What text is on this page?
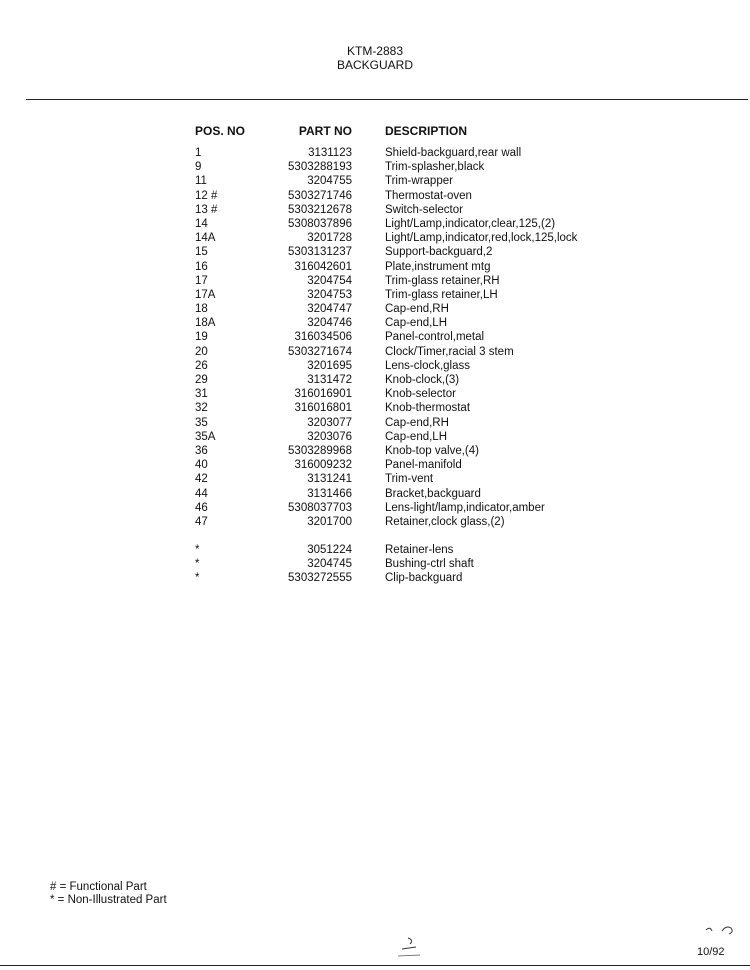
KTM-2883
BACKGUARD
POS. NO	PART NO	DESCRIPTION
1	3131123	Shield-backguard,rear wall
9	5303288193	Trim-splasher,black
11	3204755	Trim-wrapper
12 #	5303271746	Thermostat-oven
13 #	5303212678	Switch-selector
14	5308037896	Light/Lamp,indicator,clear,125,(2)
14A	3201728	Light/Lamp,indicator,red,lock,125,lock
15	5303131237	Support-backguard,2
16	316042601	Plate,instrument mtg
17	3204754	Trim-glass retainer,RH
17A	3204753	Trim-glass retainer,LH
18	3204747	Cap-end,RH
18A	3204746	Cap-end,LH
19	316034506	Panel-control,metal
20	5303271674	Clock/Timer,racial 3 stem
26	3201695	Lens-clock,glass
29	3131472	Knob-clock,(3)
31	316016901	Knob-selector
32	316016801	Knob-thermostat
35	3203077	Cap-end,RH
35A	3203076	Cap-end,LH
36	5303289968	Knob-top valve,(4)
40	316009232	Panel-manifold
42	3131241	Trim-vent
44	3131466	Bracket,backguard
46	5308037703	Lens-light/lamp,indicator,amber
47	3201700	Retainer,clock glass,(2)
*	3051224	Retainer-lens
*	3204745	Bushing-ctrl shaft
*	5303272555	Clip-backguard
# = Functional Part
* = Non-Illustrated Part
10/92
